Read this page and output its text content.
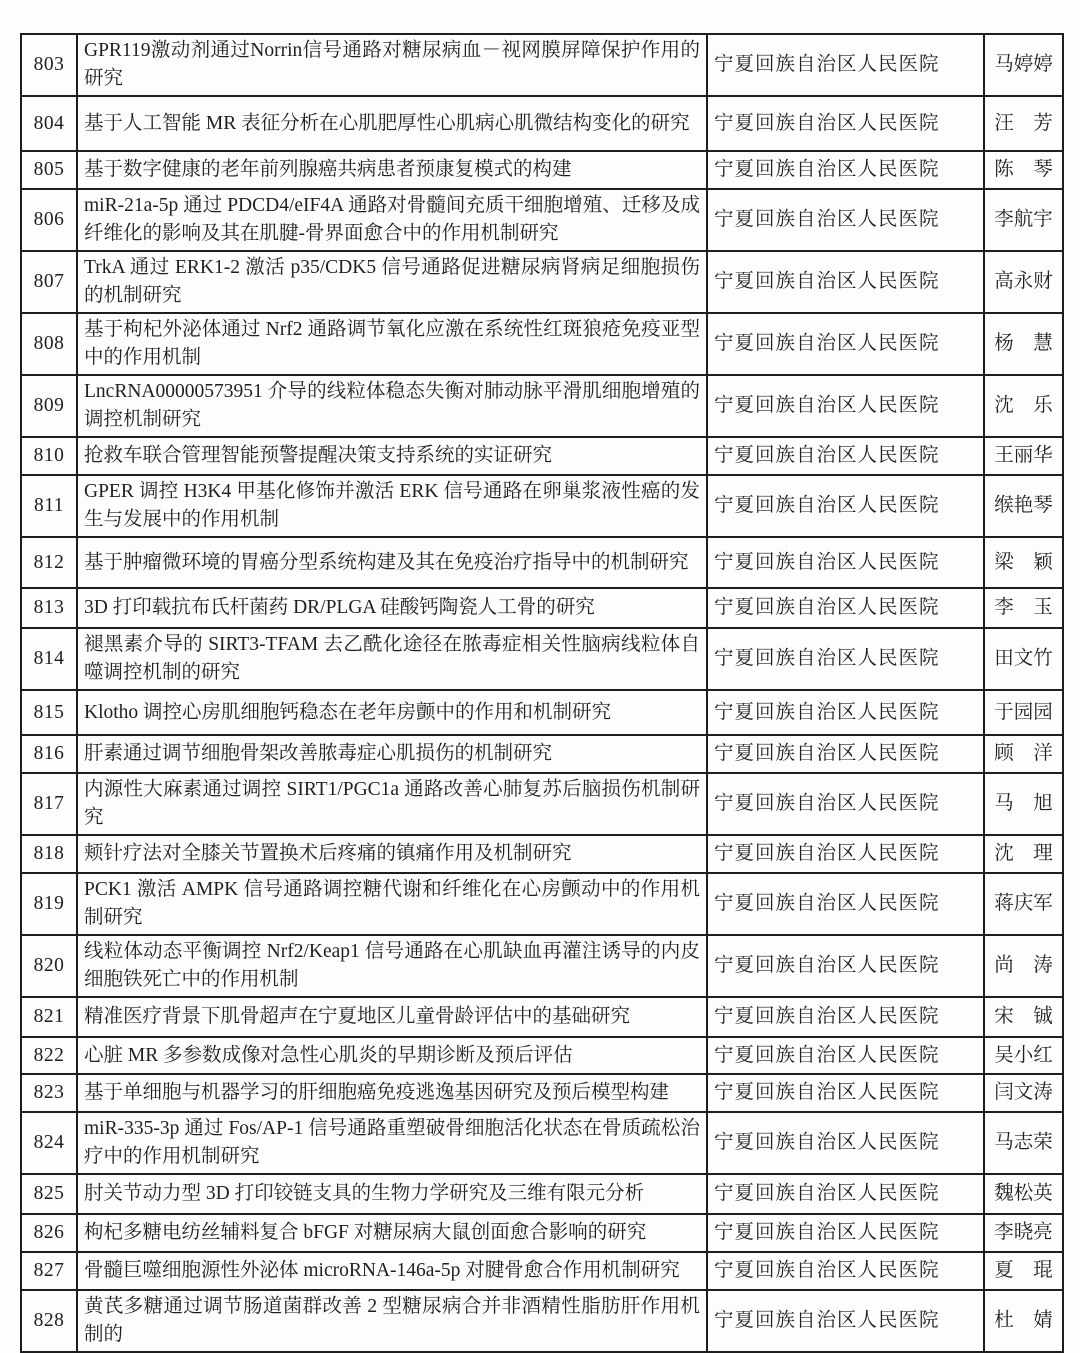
803	GPR119激动剂通过Norrin信号通路对糖尿病血－视网膜屏障保护作用的研究	宁夏回族自治区人民医院	马婷婷
804	基于人工智能 MR 表征分析在心肌肥厚性心肌病心肌微结构变化的研究	宁夏回族自治区人民医院	汪　芳
805	基于数字健康的老年前列腺癌共病患者预康复模式的构建	宁夏回族自治区人民医院	陈　琴
806	miR-21a-5p 通过 PDCD4/eIF4A 通路对骨髓间充质干细胞增殖、迁移及成纤维化的影响及其在肌腱-骨界面愈合中的作用机制研究	宁夏回族自治区人民医院	李航宇
807	TrkA 通过 ERK1-2 激活 p35/CDK5 信号通路促进糖尿病肾病足细胞损伤的机制研究	宁夏回族自治区人民医院	高永财
808	基于枸杞外泌体通过 Nrf2 通路调节氧化应激在系统性红斑狼疮免疫亚型中的作用机制	宁夏回族自治区人民医院	杨　慧
809	LncRNA00000573951 介导的线粒体稳态失衡对肺动脉平滑肌细胞增殖的调控机制研究	宁夏回族自治区人民医院	沈　乐
810	抢救车联合管理智能预警提醒决策支持系统的实证研究	宁夏回族自治区人民医院	王丽华
811	GPER 调控 H3K4 甲基化修饰并激活 ERK 信号通路在卵巢浆液性癌的发生与发展中的作用机制	宁夏回族自治区人民医院	缑艳琴
812	基于肿瘤微环境的胃癌分型系统构建及其在免疫治疗指导中的机制研究	宁夏回族自治区人民医院	梁　颖
813	3D 打印载抗布氏杆菌药 DR/PLGA 硅酸钙陶瓷人工骨的研究	宁夏回族自治区人民医院	李　玉
814	褪黑素介导的 SIRT3-TFAM 去乙酰化途径在脓毒症相关性脑病线粒体自噬调控机制的研究	宁夏回族自治区人民医院	田文竹
815	Klotho 调控心房肌细胞钙稳态在老年房颤中的作用和机制研究	宁夏回族自治区人民医院	于园园
816	肝素通过调节细胞骨架改善脓毒症心肌损伤的机制研究	宁夏回族自治区人民医院	顾　洋
817	内源性大麻素通过调控 SIRT1/PGC1a 通路改善心肺复苏后脑损伤机制研究	宁夏回族自治区人民医院	马　旭
818	颊针疗法对全膝关节置换术后疼痛的镇痛作用及机制研究	宁夏回族自治区人民医院	沈　理
819	PCK1 激活 AMPK 信号通路调控糖代谢和纤维化在心房颤动中的作用机制研究	宁夏回族自治区人民医院	蒋庆军
820	线粒体动态平衡调控 Nrf2/Keap1 信号通路在心肌缺血再灌注诱导的内皮细胞铁死亡中的作用机制	宁夏回族自治区人民医院	尚　涛
821	精准医疗背景下肌骨超声在宁夏地区儿童骨龄评估中的基础研究	宁夏回族自治区人民医院	宋　铖
822	心脏 MR 多参数成像对急性心肌炎的早期诊断及预后评估	宁夏回族自治区人民医院	吴小红
823	基于单细胞与机器学习的肝细胞癌免疫逃逸基因研究及预后模型构建	宁夏回族自治区人民医院	闫文涛
824	miR-335-3p 通过 Fos/AP-1 信号通路重塑破骨细胞活化状态在骨质疏松治疗中的作用机制研究	宁夏回族自治区人民医院	马志荣
825	肘关节动力型 3D 打印铰链支具的生物力学研究及三维有限元分析	宁夏回族自治区人民医院	魏松英
826	枸杞多糖电纺丝辅料复合 bFGF 对糖尿病大鼠创面愈合影响的研究	宁夏回族自治区人民医院	李晓亮
827	骨髓巨噬细胞源性外泌体 microRNA-146a-5p 对腱骨愈合作用机制研究	宁夏回族自治区人民医院	夏　琨
828	黄芪多糖通过调节肠道菌群改善 2 型糖尿病合并非酒精性脂肪肝作用机制的	宁夏回族自治区人民医院	杜　婧
